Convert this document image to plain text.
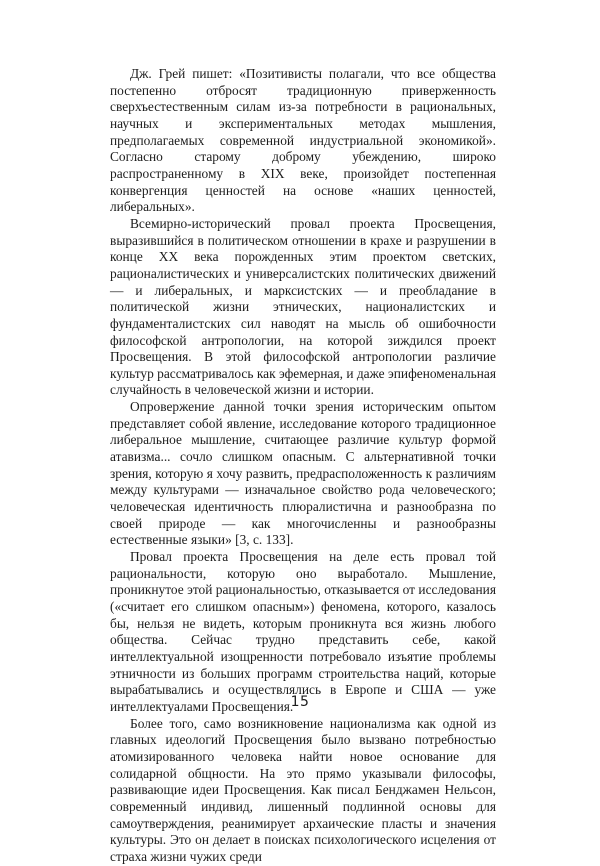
Дж. Грей пишет: «Позитивисты полагали, что все общества постепенно отбросят традиционную приверженность сверхъестественным силам из-за потребности в рациональных, научных и экспериментальных методах мышления, предполагаемых современной индустриальной экономикой». Согласно старому доброму убеждению, широко распространенному в XIX веке, произойдет постепенная конвергенция ценностей на основе «наших ценностей, либеральных».

Всемирно-исторический провал проекта Просвещения, выразившийся в политическом отношении в крахе и разрушении в конце XX века порожденных этим проектом светских, рационалистических и универсалистских политических движений — и либеральных, и марксистских — и преобладание в политической жизни этнических, националистских и фундаменталистских сил наводят на мысль об ошибочности философской антропологии, на которой зиждился проект Просвещения. В этой философской антропологии различие культур рассматривалось как эфемерная, и даже эпифеноменальная случайность в человеческой жизни и истории.

Опровержение данной точки зрения историческим опытом представляет собой явление, исследование которого традиционное либеральное мышление, считающее различие культур формой атавизма... сочло слишком опасным. С альтернативной точки зрения, которую я хочу развить, предрасположенность к различиям между культурами — изначальное свойство рода человеческого; человеческая идентичность плюралистична и разнообразна по своей природе — как многочисленны и разнообразны естественные языки» [3, с. 133].

Провал проекта Просвещения на деле есть провал той рациональности, которую оно выработало. Мышление, проникнутое этой рациональностью, отказывается от исследования («считает его слишком опасным») феномена, которого, казалось бы, нельзя не видеть, которым проникнута вся жизнь любого общества. Сейчас трудно представить себе, какой интеллектуальной изощренности потребовало изъятие проблемы этничности из больших программ строительства наций, которые вырабатывались и осуществлялись в Европе и США — уже интеллектуалами Просвещения.

Более того, само возникновение национализма как одной из главных идеологий Просвещения было вызвано потребностью атомизированного человека найти новое основание для солидарной общности. На это прямо указывали философы, развивающие идеи Просвещения. Как писал Бенджамен Нельсон, современный индивид, лишенный подлинной основы для самоутверждения, реанимирует архаические пласты и значения культуры. Это он делает в поисках психологического исцеления от страха жизни чужих среди

15
